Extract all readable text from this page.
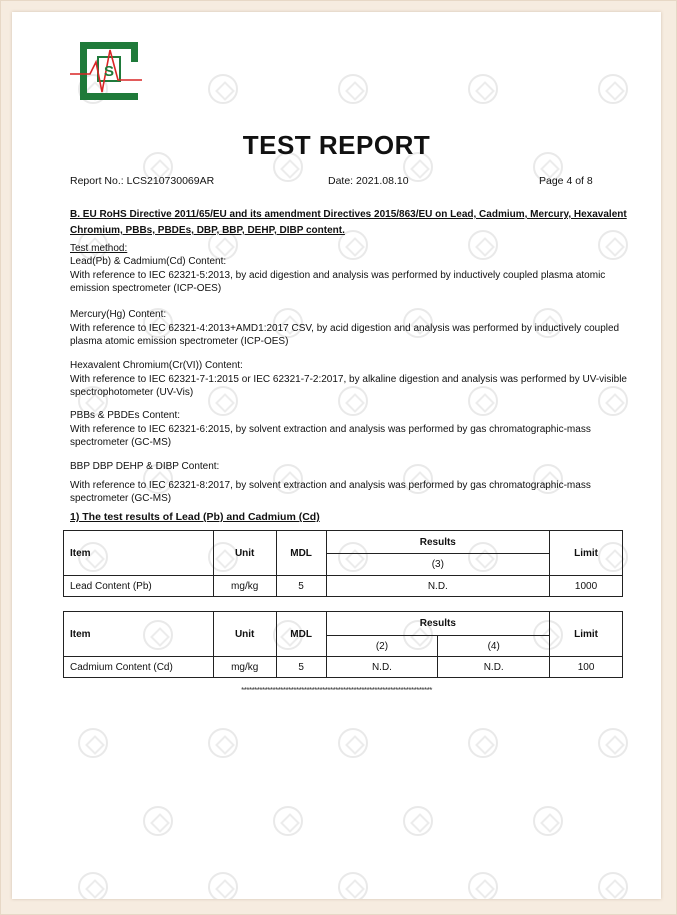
S
TEST REPORT
Report No.: LCS210730069AR	Date: 2021.08.10	Page 4 of 8
B. EU RoHS Directive 2011/65/EU and its amendment Directives 2015/863/EU on Lead, Cadmium, Mercury, Hexavalent Chromium, PBBs, PBDEs, DBP, BBP, DEHP, DIBP content.
Test method:
Lead(Pb) & Cadmium(Cd) Content:
With reference to IEC 62321-5:2013, by acid digestion and analysis was performed by inductively coupled plasma atomic emission spectrometer (ICP-OES)
Mercury(Hg) Content:
With reference to IEC 62321-4:2013+AMD1:2017 CSV, by acid digestion and analysis was performed by inductively coupled plasma atomic emission spectrometer (ICP-OES)
Hexavalent Chromium(Cr(VI)) Content:
With reference to IEC 62321-7-1:2015 or IEC 62321-7-2:2017, by alkaline digestion and analysis was performed by UV-visible spectrophotometer (UV-Vis)
PBBs & PBDEs Content:
With reference to IEC 62321-6:2015, by solvent extraction and analysis was performed by gas chromatographic-mass spectrometer (GC-MS)
BBP DBP DEHP & DIBP Content:
With reference to IEC 62321-8:2017, by solvent extraction and analysis was performed by gas chromatographic-mass spectrometer (GC-MS)
1) The test results of Lead (Pb) and Cadmium (Cd)
Item	Unit	MDL	Results	Limit
			(3)	
Lead Content (Pb)	mg/kg	5	N.D.	1000
Item	Unit	MDL	Results		Limit
			(2)	(4)	
Cadmium Content (Cd)	mg/kg	5	N.D.	N.D.	100
*************************************************************************
